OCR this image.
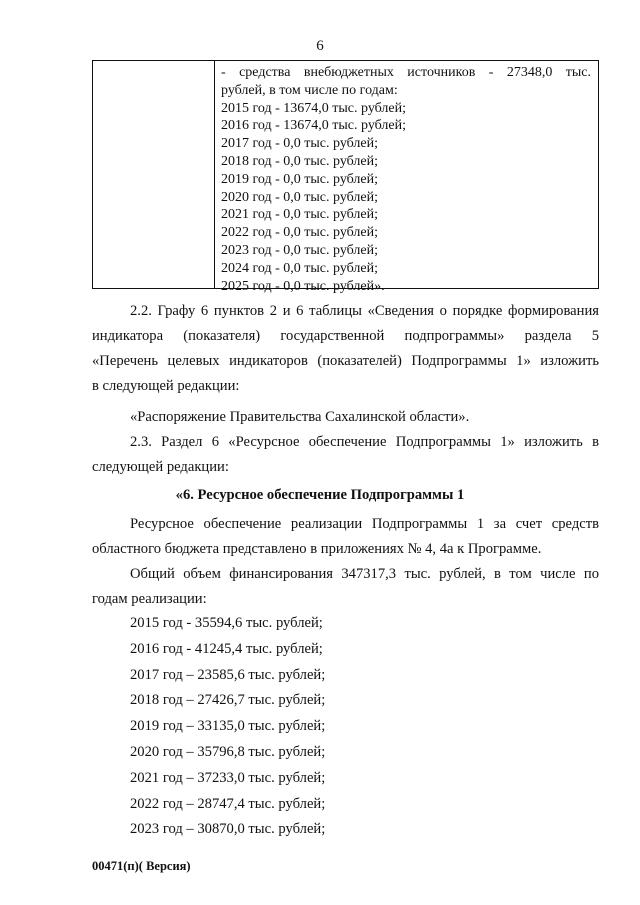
6
- средства внебюджетных источников - 27348,0 тыс.
рублей, в том числе по годам:
2015 год - 13674,0 тыс. рублей;
2016 год - 13674,0 тыс. рублей;
2017 год - 0,0 тыс. рублей;
2018 год - 0,0 тыс. рублей;
2019 год - 0,0 тыс. рублей;
2020 год - 0,0 тыс. рублей;
2021 год - 0,0 тыс. рублей;
2022 год - 0,0 тыс. рублей;
2023 год - 0,0 тыс. рублей;
2024 год - 0,0 тыс. рублей;
2025 год - 0,0 тыс. рублей».
2.2. Графу 6 пунктов 2 и 6 таблицы «Сведения о порядке формирования
индикатора (показателя) государственной подпрограммы» раздела 5
«Перечень целевых индикаторов (показателей) Подпрограммы 1» изложить
в следующей редакции:
«Распоряжение Правительства Сахалинской области».
2.3. Раздел 6 «Ресурсное обеспечение Подпрограммы 1» изложить в
следующей редакции:
«6. Ресурсное обеспечение Подпрограммы 1
Ресурсное обеспечение реализации Подпрограммы 1 за счет средств
областного бюджета представлено в приложениях № 4, 4а к Программе.
Общий объем финансирования 347317,3 тыс. рублей, в том числе по
годам реализации:
2015 год - 35594,6 тыс. рублей;
2016 год - 41245,4 тыс. рублей;
2017 год – 23585,6 тыс. рублей;
2018 год – 27426,7 тыс. рублей;
2019 год – 33135,0 тыс. рублей;
2020 год – 35796,8 тыс. рублей;
2021 год – 37233,0 тыс. рублей;
2022 год – 28747,4 тыс. рублей;
2023 год – 30870,0 тыс. рублей;
00471(п)( Версия)
